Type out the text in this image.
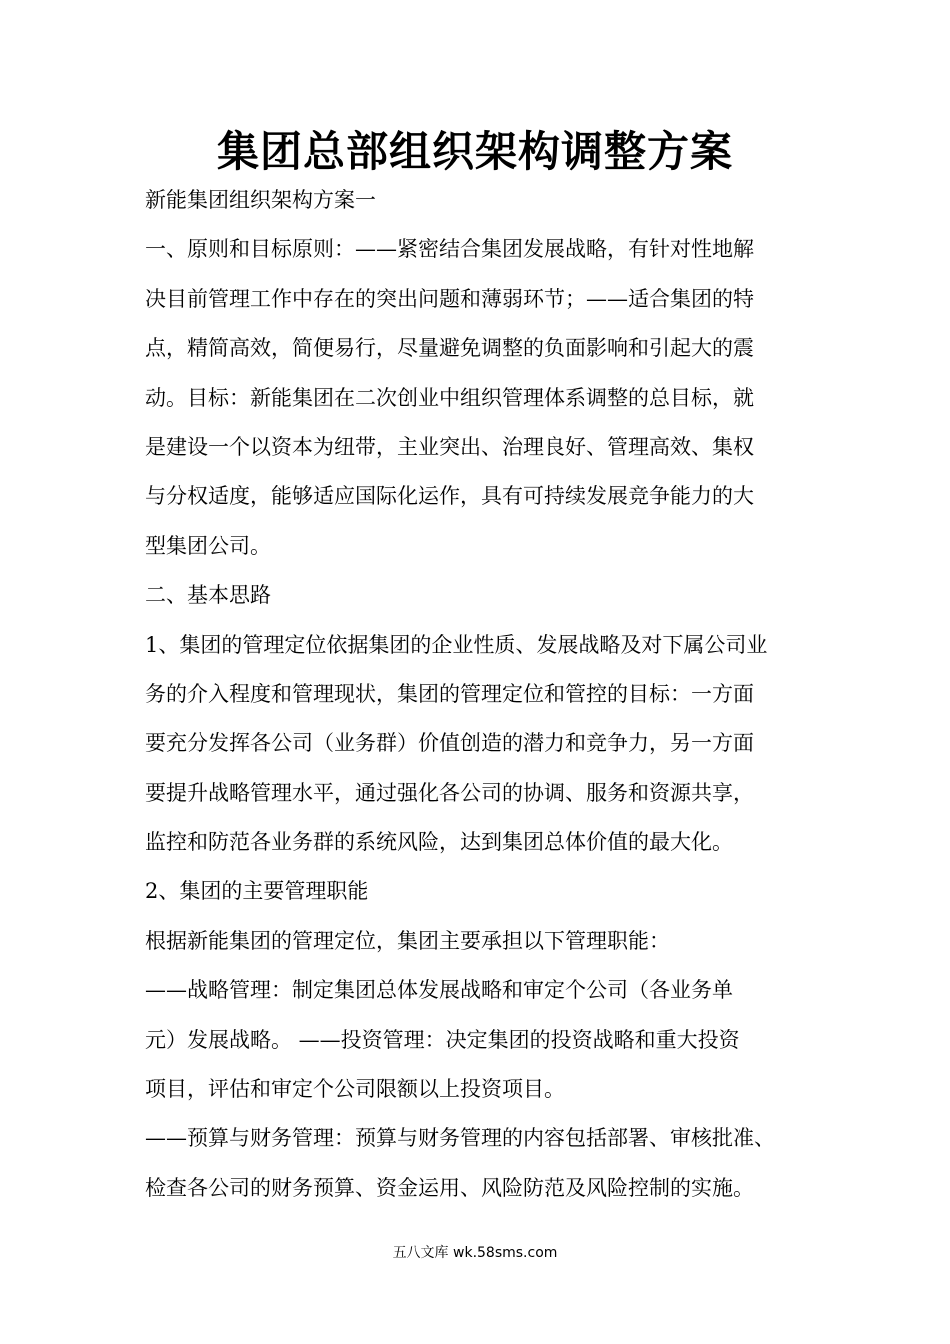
集团总部组织架构调整方案
新能集团组织架构方案一
一、原则和目标原则：——紧密结合集团发展战略，有针对性地解
决目前管理工作中存在的突出问题和薄弱环节；——适合集团的特
点，精简高效，简便易行，尽量避免调整的负面影响和引起大的震
动。目标：新能集团在二次创业中组织管理体系调整的总目标，就
是建设一个以资本为纽带，主业突出、治理良好、管理高效、集权
与分权适度，能够适应国际化运作，具有可持续发展竞争能力的大
型集团公司。
二、基本思路
1、集团的管理定位依据集团的企业性质、发展战略及对下属公司业
务的介入程度和管理现状，集团的管理定位和管控的目标：一方面
要充分发挥各公司（业务群）价值创造的潜力和竞争力，另一方面
要提升战略管理水平，通过强化各公司的协调、服务和资源共享，
监控和防范各业务群的系统风险，达到集团总体价值的最大化。
2、集团的主要管理职能
根据新能集团的管理定位，集团主要承担以下管理职能：
——战略管理：制定集团总体发展战略和审定个公司（各业务单
元）发展战略。 ——投资管理：决定集团的投资战略和重大投资
项目，评估和审定个公司限额以上投资项目。
——预算与财务管理：预算与财务管理的内容包括部署、审核批准、
检查各公司的财务预算、资金运用、风险防范及风险控制的实施。
五八文库 wk.58sms.com
